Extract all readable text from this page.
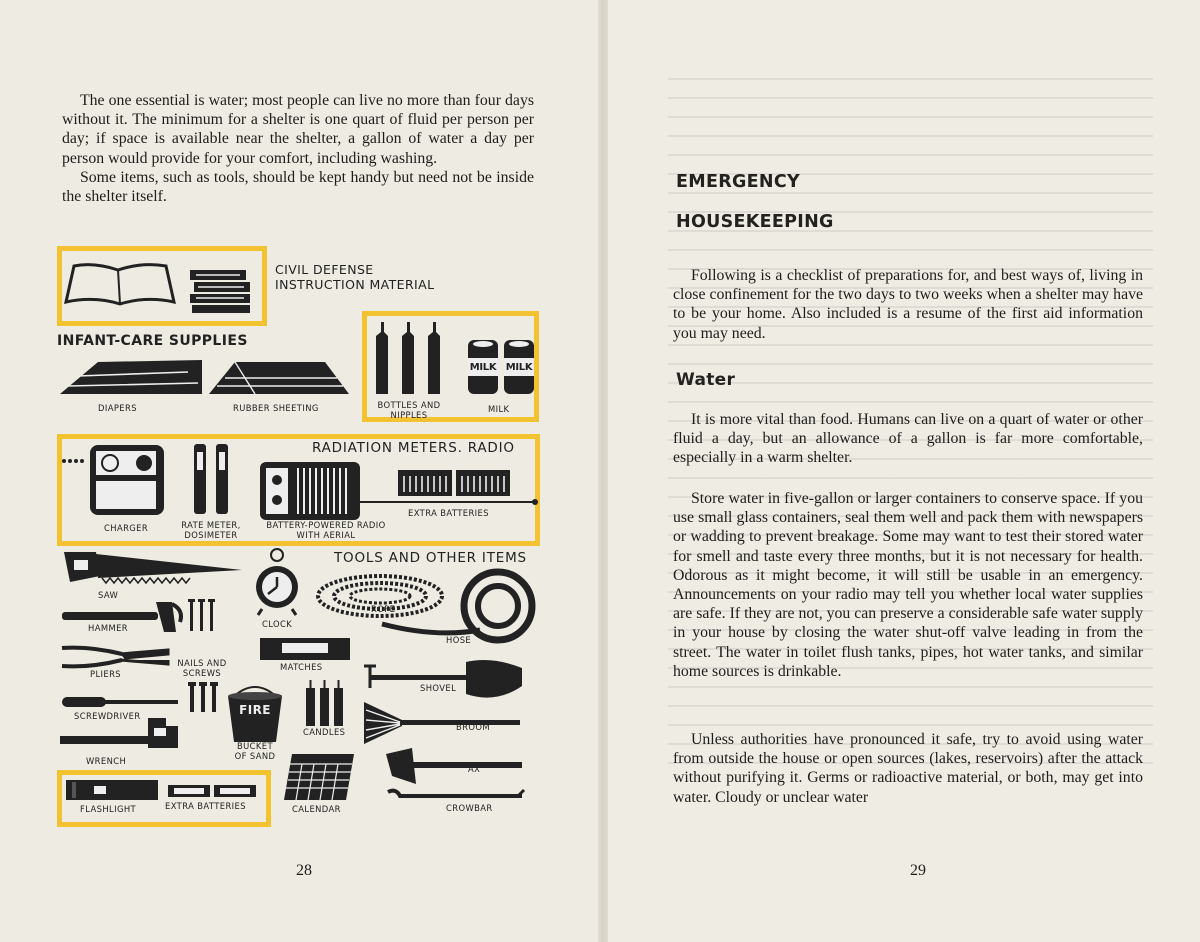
The one essential is water; most people can live no more than four days without it. The minimum for a shelter is one quart of fluid per person per day; if space is available near the shelter, a gallon of water a day per person would provide for your comfort, including washing.

Some items, such as tools, should be kept handy but need not be inside the shelter itself.

CIVIL DEFENSE INSTRUCTION MATERIAL
INFANT-CARE SUPPLIES
DIAPERS	RUBBER SHEETING	BOTTLES AND NIPPLES
MILK MILK
MILK
RADIATION METERS. RADIO
CHARGER	RATE METER, DOSIMETER
BATTERY-POWERED RADIO WITH AERIAL
EXTRA BATTERIES
TOOLS AND OTHER ITEMS
SAW
CLOCK
ROPE
HOSE
HAMMER
MATCHES
PLIERS
NAILS AND SCREWS
SHOVEL
SCREWDRIVER	FIRE
BUCKET OF SAND
CANDLES	BROOM
WRENCH
CALENDAR
AX
CROWBAR
FLASHLIGHT	EXTRA BATTERIES
28
EMERGENCY
HOUSEKEEPING

Following is a checklist of preparations for, and best ways of, living in close confinement for the two days to two weeks when a shelter may have to be your home. Also included is a resume of the first aid information you may need.

Water

It is more vital than food. Humans can live on a quart of water or other fluid a day, but an allowance of a gallon is far more comfortable, especially in a warm shelter.

Store water in five-gallon or larger containers to conserve space. If you use small glass containers, seal them well and pack them with newspapers or wadding to prevent breakage. Some may want to test their stored water for smell and taste every three months, but it is not necessary for health. Odorous as it might become, it will still be usable in an emergency. Announcements on your radio may tell you whether local water supplies are safe. If they are not, you can preserve a considerable safe water supply in your house by closing the water shut-off valve leading in from the street. The water in toilet flush tanks, pipes, hot water tanks, and similar home sources is drinkable.

Unless authorities have pronounced it safe, try to avoid using water from outside the house or open sources (lakes, reservoirs) after the attack without purifying it. Germs or radioactive material, or both, may get into water. Cloudy or unclear water

29
